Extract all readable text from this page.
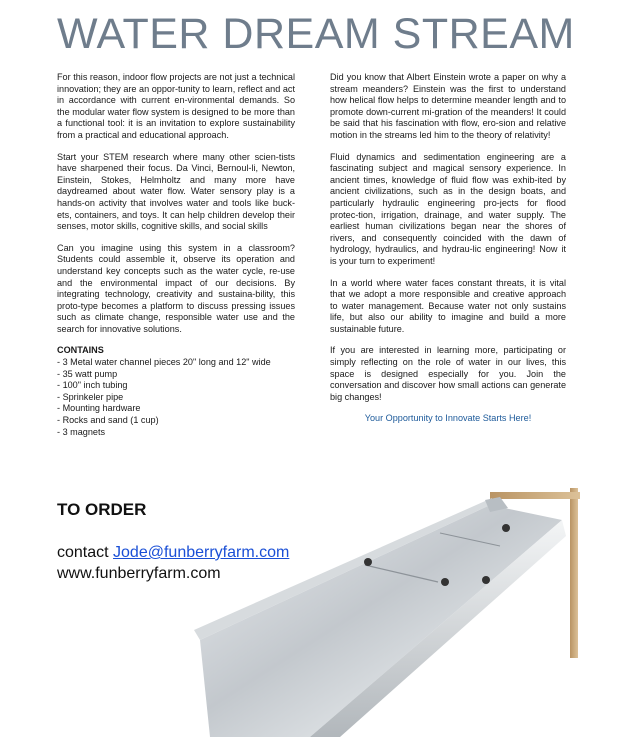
WATER DREAM STREAM

For this reason, indoor flow projects are not just a technical innovation; they are an oppor-tunity to learn, reflect and act in accordance with current en-vironmental demands. So the modular water flow system is designed to be more than a functional tool: it is an invitation to explore sustainability from a practical and educational approach.

Start your STEM research where many other scien-tists have sharpened their focus. Da Vinci, Bernoul-li, Newton, Einstein, Stokes, Helmholtz and many more have daydreamed about water flow. Water sensory play is a hands-on activity that involves water and tools like buck-ets, containers, and toys. It can help children develop their senses, motor skills, cognitive skills, and social skills

Can you imagine using this system in a classroom? Students could assemble it, observe its operation and understand key concepts such as the water cycle, re-use and the environmental impact of our decisions. By integrating technology, creativity and sustaina-bility, this proto-type becomes a platform to discuss pressing issues such as climate change, responsible water use and the search for innovative solutions.

CONTAINS
- 3 Metal water channel pieces 20" long and 12" wide
- 35 watt pump
- 100" inch tubing
- Sprinkeler pipe
- Mounting hardware
- Rocks and sand (1 cup)
- 3 magnets

Did you know that Albert Einstein wrote a paper on why a stream meanders? Einstein was the first to understand how helical flow helps to determine meander length and to promote down-current mi-gration of the meanders! It could be said that his fascination with flow, ero-sion and relative motion in the streams led him to the theory of relativity!

Fluid dynamics and sedimentation engineering are a fascinating subject and magical sensory experience. In ancient times, knowledge of fluid flow was exhib-ited by ancient civilizations, such as in the design boats, and particularly hydraulic engineering pro-jects for flood protec-tion, irrigation, drainage, and water supply. The earliest human civilizations began near the shores of rivers, and consequently coincided with the dawn of hydrology, hydraulics, and hydrau-lic engineering! Now it is your turn to experiment!

In a world where water faces constant threats, it is vital that we adopt a more responsible and creative approach to water management. Because water not only sustains life, but also our ability to imagine and build a more sustainable future.

If you are interested in learning more, participating or simply reflecting on the role of water in our lives, this space is designed especially for you. Join the conversation and discover how small actions can generate big changes!

Your Opportunity to Innovate Starts Here!
TO ORDER
contact Jode@funberryfarm.com
www.funberryfarm.com
